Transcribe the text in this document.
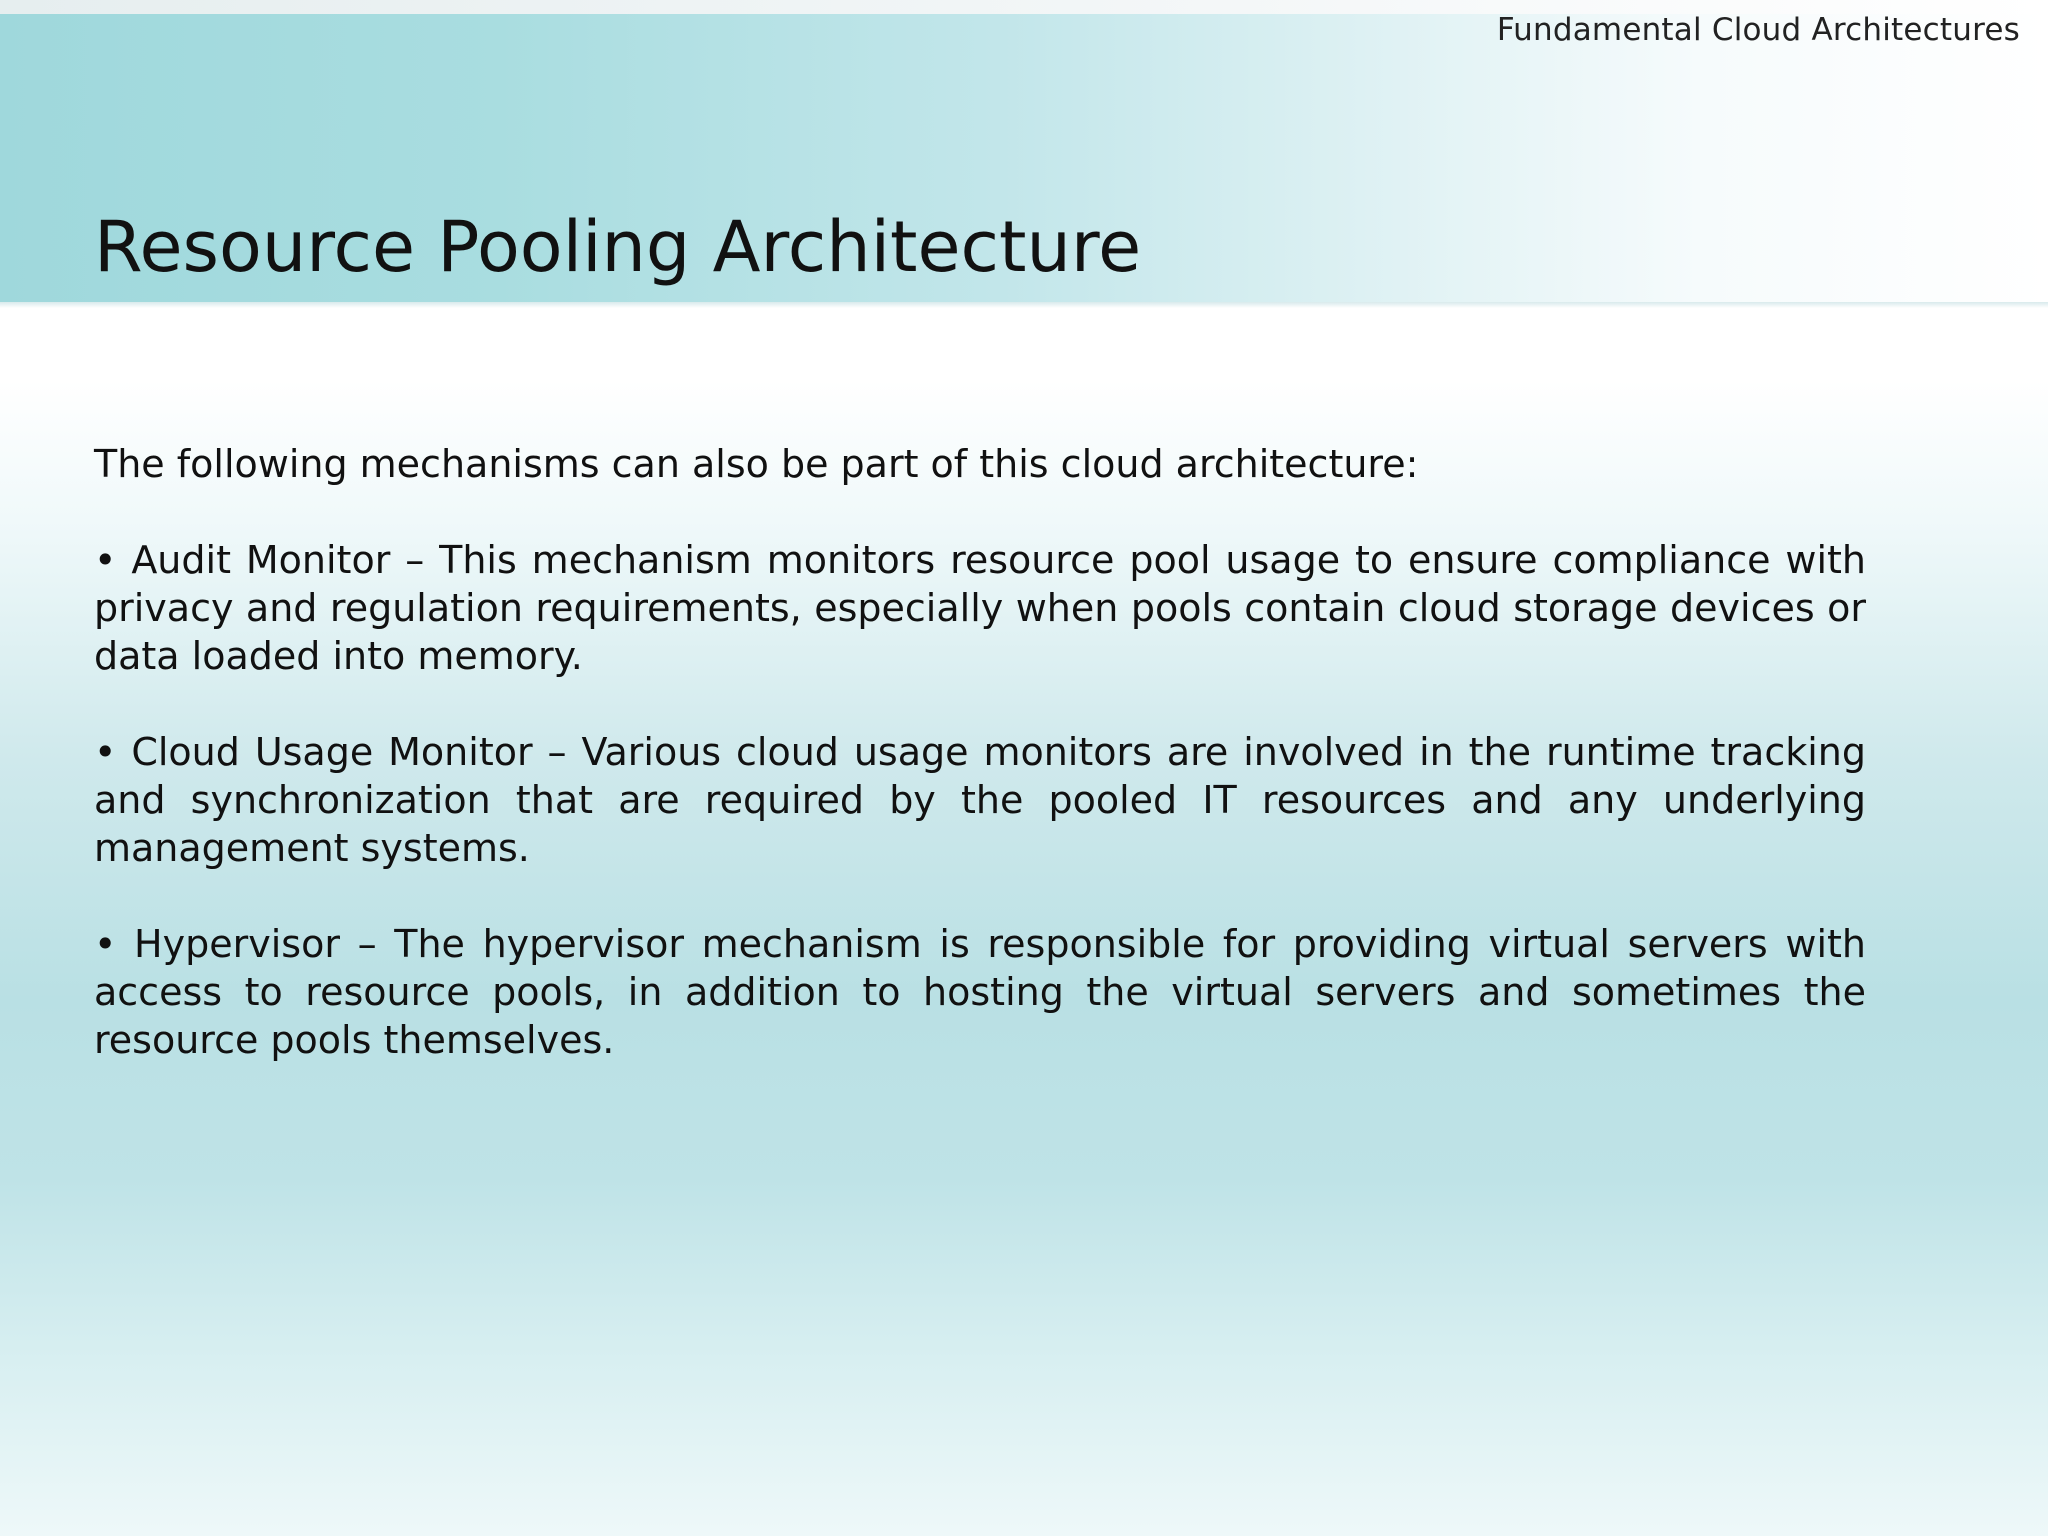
Fundamental Cloud Architectures
Resource Pooling Architecture

The following mechanisms can also be part of this cloud architecture:

• Audit Monitor – This mechanism monitors resource pool usage to ensure compliance with privacy and regulation requirements, especially when pools contain cloud storage devices or data loaded into memory.

• Cloud Usage Monitor – Various cloud usage monitors are involved in the runtime tracking and synchronization that are required by the pooled IT resources and any underlying management systems.

• Hypervisor – The hypervisor mechanism is responsible for providing virtual servers with access to resource pools, in addition to hosting the virtual servers and sometimes the resource pools themselves.
